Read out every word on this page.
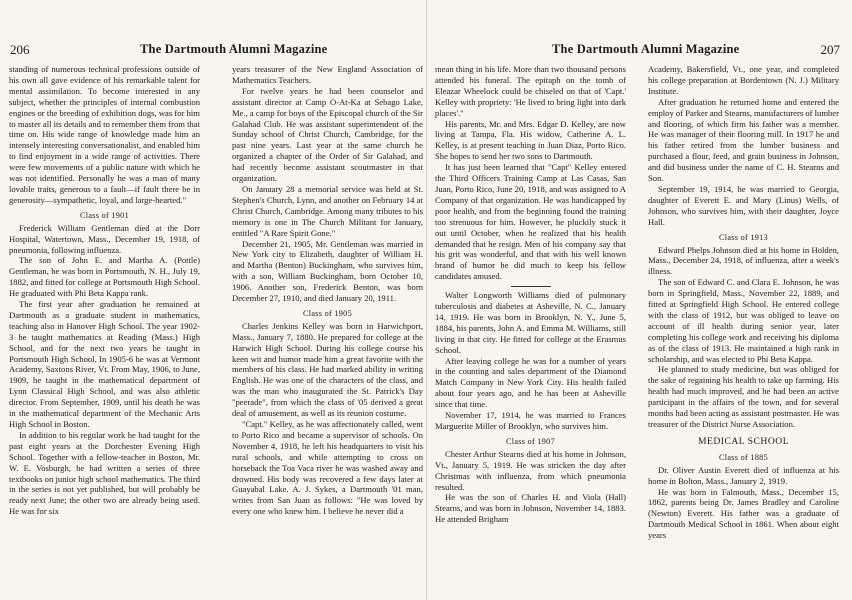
206	The Dartmouth Alumni Magazine

standing of numerous technical professions outside of his own all gave evidence of his remarkable talent for mental assimilation. To become interested in any subject, whether the principles of internal combustion engines or the breeding of exhibition dogs, was for him to master all its details and to remember them from that time on. His wide range of knowledge made him an intensely interesting conversationalist, and enabled him to find enjoyment in a wide range of activities. There were few movements of a public nature with which he was not identified. Personally he was a man of many lovable traits, generous to a fault—if fault there be in generosity—sympathetic, loyal, and large-hearted."

Class of 1901

Frederick William Gentleman died at the Dorr Hospital, Watertown, Mass., December 19, 1918, of pneumonia, following influenza.

The son of John E. and Martha A. (Pottle) Gentleman, he was born in Portsmouth, N. H., July 19, 1882, and fitted for college at Portsmouth High School. He graduated with Phi Beta Kappa rank.

The first year after graduation he remained at Dartmouth as a graduate student in mathematics, teaching also in Hanover High School. The year 1902-3 he taught mathematics at Reading (Mass.) High School, and for the next two years he taught in Portsmouth High School. In 1905-6 he was at Vermont Academy, Saxtons River, Vt. From May, 1906, to June, 1909, he taught in the mathematical department of Lynn Classical High School, and was also athletic director. From September, 1909, until his death he was in the mathematical department of the Mechanic Arts High School in Boston.

In addition to his regular work he had taught for the past eight years at the Dorchester Evening High School. Together with a fellow-teacher in Boston, Mr. W. E. Vosburgh, he had written a series of three textbooks on junior high school mathematics. The third in the series is not yet published, but will probably be ready next June; the other two are already being used. He was for six

years treasurer of the New England Association of Mathematics Teachers.

For twelve years he had been counselor and assistant director at Camp O-At-Ka at Sebago Lake, Me., a camp for boys of the Episcopal church of the Sir Galahad Club. He was assistant superintendent of the Sunday school of Christ Church, Cambridge, for the past nine years. Last year at the same church he organized a chapter of the Order of Sir Galahad, and had recently become assistant scoutmaster in that organization.

On January 28 a memorial service was held at St. Stephen's Church, Lynn, and another on February 14 at Christ Church, Cambridge. Among many tributes to his memory is one in The Church Militant for January, entitled "A Rare Spirit Gone."

December 21, 1905, Mr. Gentleman was married in New York city to Elizabeth, daughter of William H. and Martha (Benton) Buckingham, who survives him, with a son, William Buckingham, born October 10, 1906. Another son, Frederick Benton, was born December 27, 1910, and died January 20, 1911.

Class of 1905

Charles Jenkins Kelley was born in Harwichport, Mass., January 7, 1880. He prepared for college at the Harwich High School. During his college course his keen wit and humor made him a great favorite with the members of his class. He had marked ability in writing English. He was one of the characters of the class, and was the man who inaugurated the St. Patrick's Day "peerade", from which the class of '05 derived a great deal of amusement, as well as its reunion costume.

"Capt." Kelley, as he was affectionately called, went to Porto Rico and became a supervisor of schools. On November 4, 1918, he left his headquarters to visit his rural schools, and while attempting to cross on horseback the Toa Vaca river he was washed away and drowned. His body was recovered a few days later at Guayabal Lake. A. J. Sykes, a Dartmouth '01 man, writes from San Juan as follows: "He was loved by every one who knew him. I believe he never did a

The Dartmouth Alumni Magazine	207

mean thing in his life. More than two thousand persons attended his funeral. The epitaph on the tomb of Eleazar Wheelock could be chiseled on that of 'Capt.' Kelley with propriety: 'He lived to bring light into dark places'."

His parents, Mr. and Mrs. Edgar D. Kelley, are now living at Tampa, Fla. His widow, Catherine A. L. Kelley, is at present teaching in Juan Diaz, Porto Rico. She hopes to send her two sons to Dartmouth.

It has just been learned that "Capt" Kelley entered the Third Officers Training Camp at Las Casas, San Juan, Porto Rico, June 20, 1918, and was assigned to A Company of that organization. He was handicapped by poor health, and from the beginning found the training too strenuous for him. However, he pluckily stuck it out until October, when he realized that his health demanded that he resign. Men of his company say that his grit was wonderful, and that with his well known brand of humor he did much to keep his fellow candidates amused.

Walter Longworth Williams died of pulmonary tuberculosis and diabetes at Asheville, N. C., January 14, 1919. He was born in Brooklyn, N. Y., June 5, 1884, his parents, John A. and Emma M. Williams, still living in that city. He fitted for college at the Erasmus School.

After leaving college he was for a number of years in the counting and sales department of the Diamond Match Company in New York City. His health failed about four years ago, and he has been at Asheville since that time.

November 17, 1914, he was married to Frances Marguerite Miller of Brooklyn, who survives him.

Class of 1907

Chester Arthur Stearns died at his home in Johnson, Vt., January 5, 1919. He was stricken the day after Christmas with influenza, from which pneumonia resulted.

He was the son of Charles H. and Viola (Hall) Stearns, and was born in Johnson, November 14, 1883. He attended Brigham

Academy, Bakersfield, Vt., one year, and completed his college preparation at Bordentown (N. J.) Military Institute.

After graduation he returned home and entered the employ of Parker and Stearns, manufacturers of lumber and flooring, of which firm his father was a member. He was manager of their flooring mill. In 1917 he and his father retired from the lumber business and purchased a flour, feed, and grain business in Johnson, and did business under the name of C. H. Stearns and Son.

September 19, 1914, he was married to Georgia, daughter of Everett E. and Mary (Linus) Wells, of Johnson, who survives him, with their daughter, Joyce Hall.

Class of 1913

Edward Phelps Johnson died at his home in Holden, Mass., December 24, 1918, of influenza, after a week's illness.

The son of Edward C. and Clara E. Johnson, he was born in Springfield, Mass., November 22, 1889, and fitted at Springfield High School. He entered college with the class of 1912, but was obliged to leave on account of ill health during senior year, later completing his college work and receiving his diploma as of the class of 1913. He maintained a high rank in scholarship, and was elected to Phi Beta Kappa.

He planned to study medicine, but was obliged for the sake of regaining his health to take up farming. His health had much improved, and he had been an active participant in the affairs of the town, and for several months had been acting as assistant postmaster. He was treasurer of the District Nurse Association.

MEDICAL SCHOOL
Class of 1885

Dr. Oliver Austin Everett died of influenza at his home in Bolton, Mass., January 2, 1919.

He was born in Falmouth, Mass., December 15, 1862, parents being Dr. James Bradley and Caroline (Newton) Everett. His father was a graduate of Dartmouth Medical School in 1861. When about eight years
